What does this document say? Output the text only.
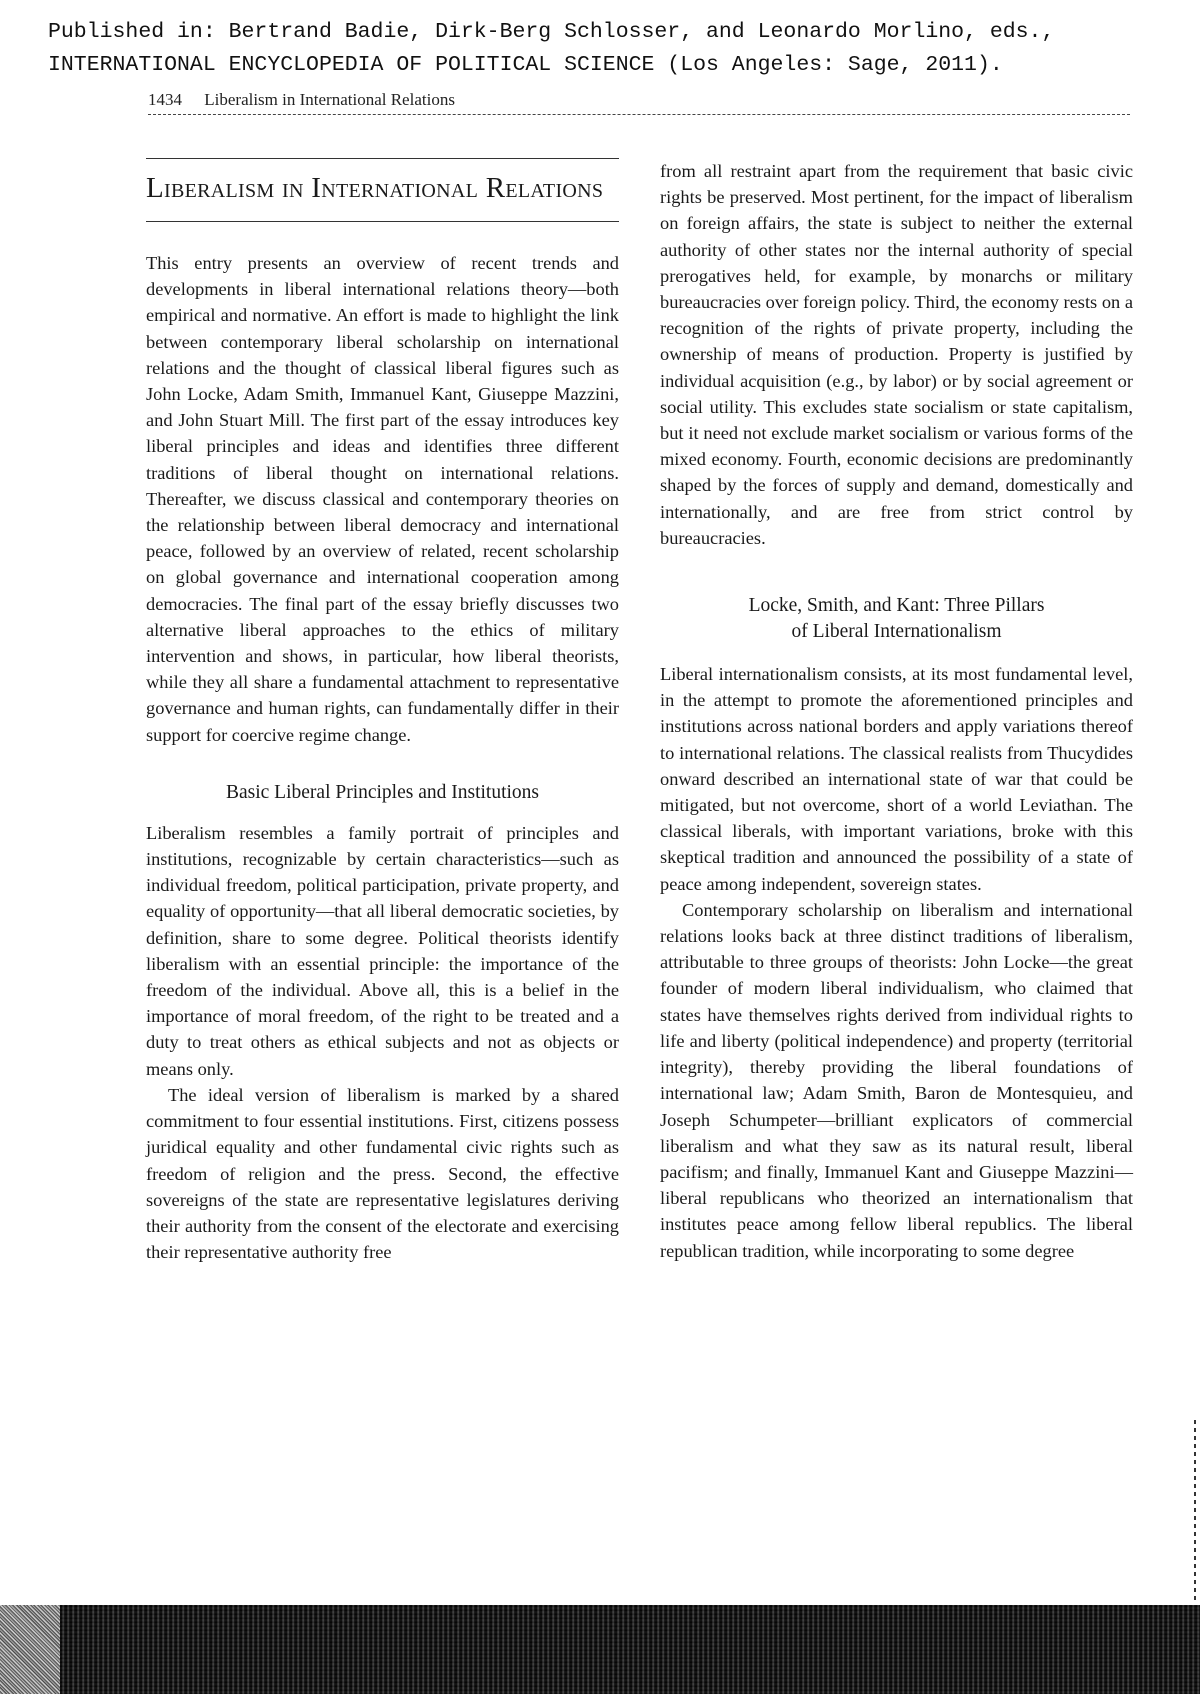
Published in: Bertrand Badie, Dirk-Berg Schlosser, and Leonardo Morlino, eds.,
INTERNATIONAL ENCYCLOPEDIA OF POLITICAL SCIENCE (Los Angeles: Sage, 2011).
1434 Liberalism in International Relations
Liberalism in International Relations

This entry presents an overview of recent trends and developments in liberal international relations theory—both empirical and normative. An effort is made to highlight the link between contemporary liberal scholarship on international relations and the thought of classical liberal figures such as John Locke, Adam Smith, Immanuel Kant, Giuseppe Mazzini, and John Stuart Mill. The first part of the essay introduces key liberal principles and ideas and identifies three different traditions of liberal thought on international relations. Thereafter, we discuss classical and contemporary theories on the relationship between liberal democracy and international peace, followed by an overview of related, recent scholarship on global governance and international cooperation among democracies. The final part of the essay briefly discusses two alternative liberal approaches to the ethics of military intervention and shows, in particular, how liberal theorists, while they all share a fundamental attachment to representative governance and human rights, can fundamentally differ in their support for coercive regime change.

Basic Liberal Principles and Institutions

Liberalism resembles a family portrait of principles and institutions, recognizable by certain characteristics—such as individual freedom, political participation, private property, and equality of opportunity—that all liberal democratic societies, by definition, share to some degree. Political theorists identify liberalism with an essential principle: the importance of the freedom of the individual. Above all, this is a belief in the importance of moral freedom, of the right to be treated and a duty to treat others as ethical subjects and not as objects or means only.

The ideal version of liberalism is marked by a shared commitment to four essential institutions. First, citizens possess juridical equality and other fundamental civic rights such as freedom of religion and the press. Second, the effective sovereigns of the state are representative legislatures deriving their authority from the consent of the electorate and exercising their representative authority free

from all restraint apart from the requirement that basic civic rights be preserved. Most pertinent, for the impact of liberalism on foreign affairs, the state is subject to neither the external authority of other states nor the internal authority of special prerogatives held, for example, by monarchs or military bureaucracies over foreign policy. Third, the economy rests on a recognition of the rights of private property, including the ownership of means of production. Property is justified by individual acquisition (e.g., by labor) or by social agreement or social utility. This excludes state socialism or state capitalism, but it need not exclude market socialism or various forms of the mixed economy. Fourth, economic decisions are predominantly shaped by the forces of supply and demand, domestically and internationally, and are free from strict control by bureaucracies.

Locke, Smith, and Kant: Three Pillars
of Liberal Internationalism

Liberal internationalism consists, at its most fundamental level, in the attempt to promote the aforementioned principles and institutions across national borders and apply variations thereof to international relations. The classical realists from Thucydides onward described an international state of war that could be mitigated, but not overcome, short of a world Leviathan. The classical liberals, with important variations, broke with this skeptical tradition and announced the possibility of a state of peace among independent, sovereign states.

Contemporary scholarship on liberalism and international relations looks back at three distinct traditions of liberalism, attributable to three groups of theorists: John Locke—the great founder of modern liberal individualism, who claimed that states have themselves rights derived from individual rights to life and liberty (political independence) and property (territorial integrity), thereby providing the liberal foundations of international law; Adam Smith, Baron de Montesquieu, and Joseph Schumpeter—brilliant explicators of commercial liberalism and what they saw as its natural result, liberal pacifism; and finally, Immanuel Kant and Giuseppe Mazzini—liberal republicans who theorized an internationalism that institutes peace among fellow liberal republics. The liberal republican tradition, while incorporating to some degree
